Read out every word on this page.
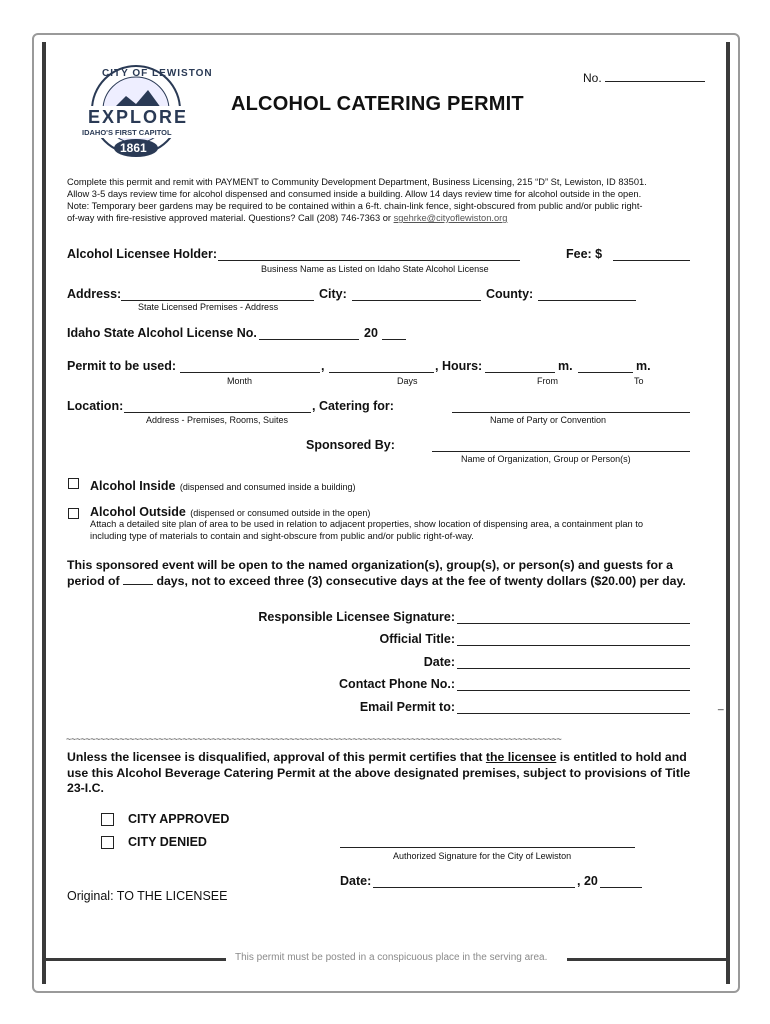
CITY OF LEWISTON
EXPLORE
IDAHO'S FIRST CAPITOL
1861
No.
ALCOHOL CATERING PERMIT
Complete this permit and remit with PAYMENT to Community Development Department, Business Licensing, 215 “D” St, Lewiston, ID 83501.
Allow 3-5 days review time for alcohol dispensed and consumed inside a building. Allow 14 days review time for alcohol outside in the open.
Note: Temporary beer gardens may be required to be contained within a 6-ft. chain-link fence, sight-obscured from public and/or public right-
of-way with fire-resistive approved material. Questions? Call (208) 746-7363 or sgehrke@cityoflewiston.org
Alcohol Licensee Holder:	Fee: $
Business Name as Listed on Idaho State Alcohol License
Address:	City:	County:
State Licensed Premises - Address
Idaho State Alcohol License No.	20
Permit to be used:	,	, Hours:	m.	m.
Month	Days	From	To
Location:	, Catering for:
Address - Premises, Rooms, Suites	Name of Party or Convention
Sponsored By:
Name of Organization, Group or Person(s)
Alcohol Inside (dispensed and consumed inside a building)
Alcohol Outside (dispensed or consumed outside in the open)
Attach a detailed site plan of area to be used in relation to adjacent properties, show location of dispensing area, a containment plan to
including type of materials to contain and sight-obscure from public and/or public right-of-way.
This sponsored event will be open to the named organization(s), group(s), or person(s) and guests for a
period of	days, not to exceed three (3) consecutive days at the fee of twenty dollars ($20.00) per day.
Responsible Licensee Signature:
Official Title:
Date:
Contact Phone No.:
Email Permit to:	_
~~~~~~~~~~~~~~~~~~~~~~~~~~~~~~~~~~~~~~~~~~~~~~~~~~~~~~~~~~~~~~~~~~~~~~~~~~~~~~~~~~~~~~~~~~~~~~~~~~~~~~
Unless the licensee is disqualified, approval of this permit certifies that the licensee is entitled to hold and
use this Alcohol Beverage Catering Permit at the above designated premises, subject to provisions of Title
23-I.C.
CITY APPROVED
CITY DENIED
Authorized Signature for the City of Lewiston
Date:	, 20
Original: TO THE LICENSEE
This permit must be posted in a conspicuous place in the serving area.
